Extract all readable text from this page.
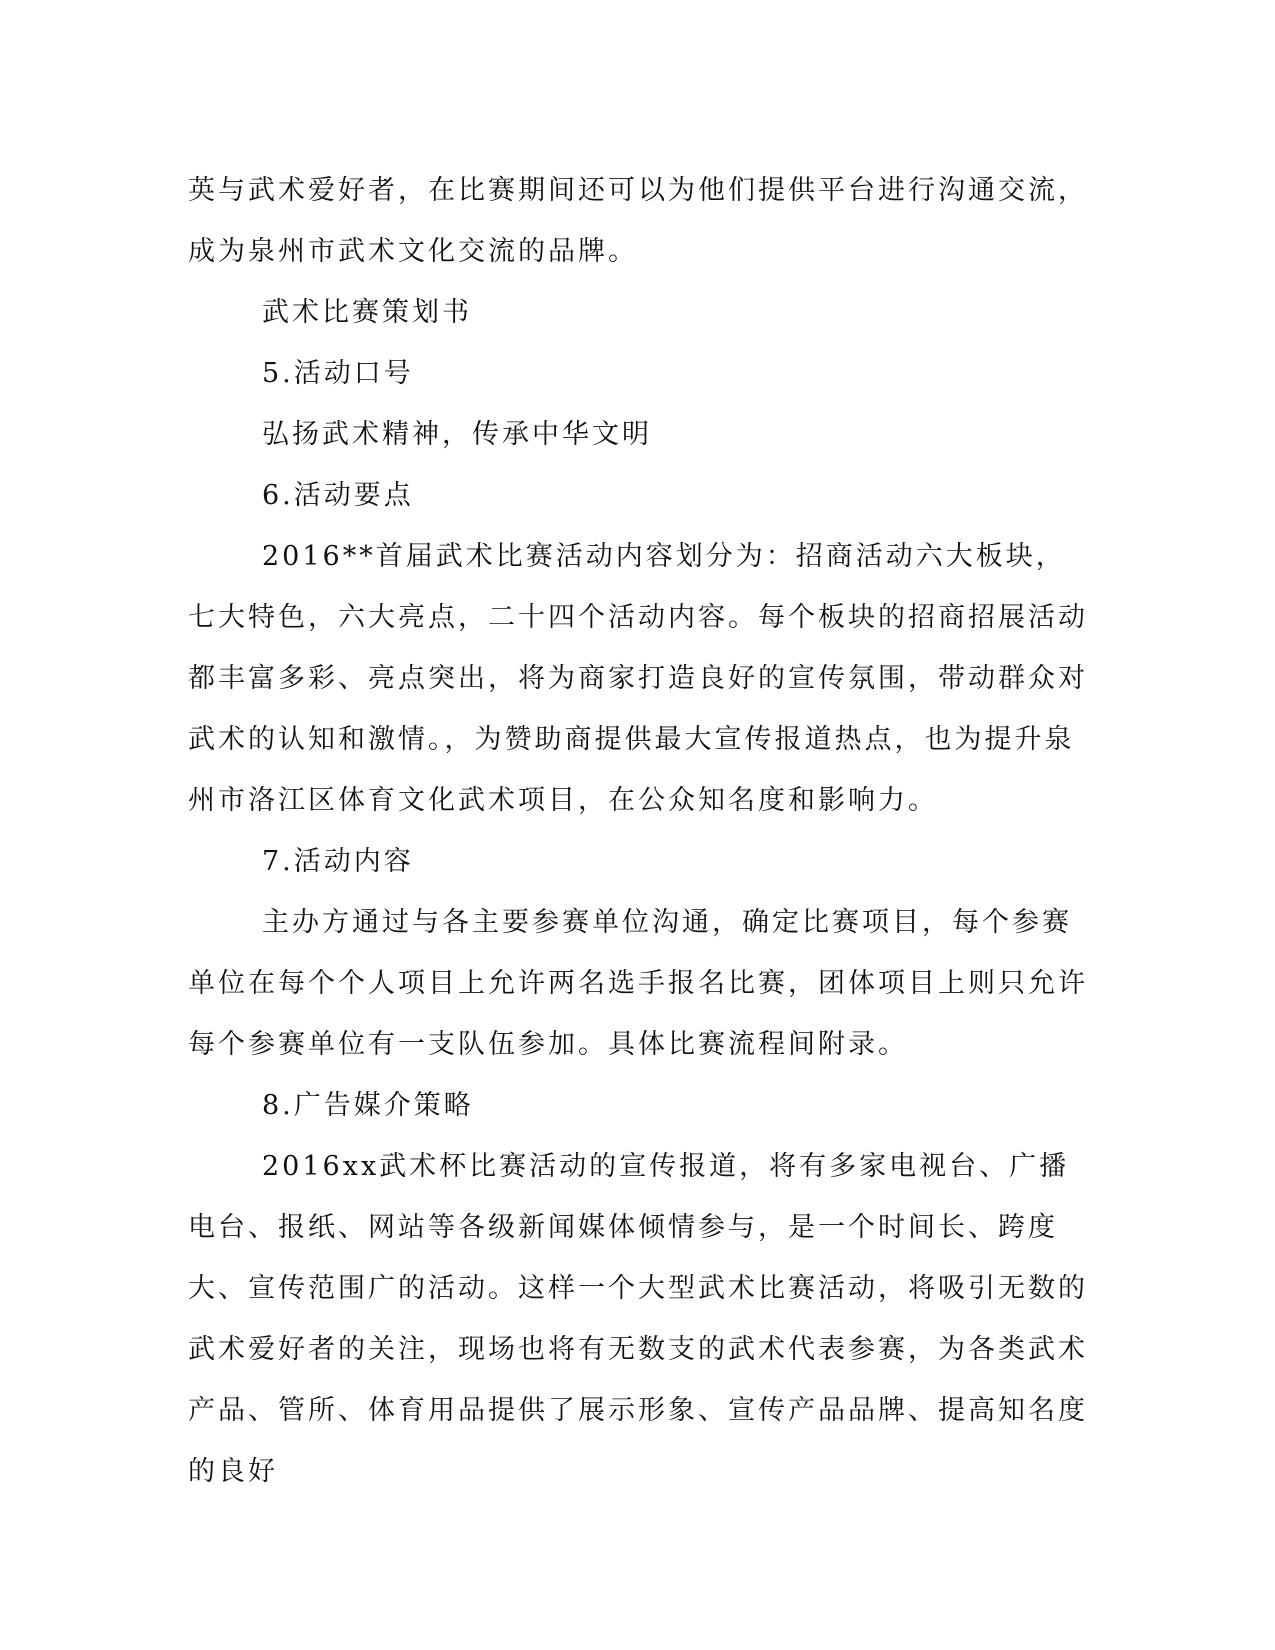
英与武术爱好者，在比赛期间还可以为他们提供平台进行沟通交流，成为泉州市武术文化交流的品牌。

武术比赛策划书

5.活动口号

弘扬武术精神，传承中华文明

6.活动要点

2016**首届武术比赛活动内容划分为：招商活动六大板块，七大特色，六大亮点，二十四个活动内容。每个板块的招商招展活动都丰富多彩、亮点突出，将为商家打造良好的宣传氛围，带动群众对武术的认知和激情。，为赞助商提供最大宣传报道热点，也为提升泉州市洛江区体育文化武术项目，在公众知名度和影响力。

7.活动内容

主办方通过与各主要参赛单位沟通，确定比赛项目，每个参赛单位在每个个人项目上允许两名选手报名比赛，团体项目上则只允许每个参赛单位有一支队伍参加。具体比赛流程间附录。

8.广告媒介策略

2016xx武术杯比赛活动的宣传报道，将有多家电视台、广播电台、报纸、网站等各级新闻媒体倾情参与，是一个时间长、跨度大、宣传范围广的活动。这样一个大型武术比赛活动，将吸引无数的武术爱好者的关注，现场也将有无数支的武术代表参赛，为各类武术产品、管所、体育用品提供了展示形象、宣传产品品牌、提高知名度的良好
